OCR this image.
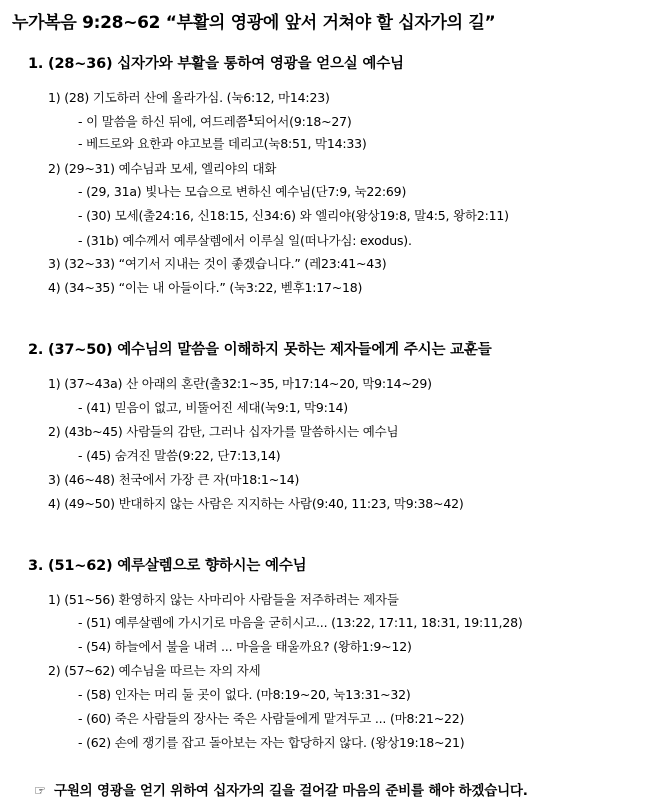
누가복음 9:28~62 “부활의 영광에 앞서 거쳐야 할 십자가의 길”
1. (28~36) 십자가와 부활을 통하여 영광을 얻으실 예수님
1) (28) 기도하러 산에 올라가심. (눅6:12, 마14:23)
- 이 말씀을 하신 뒤에, 여드레쯤$^1$되어서(9:18~27)
- 베드로와 요한과 야고보를 데리고(눅8:51, 막14:33)
2) (29~31) 예수님과 모세, 엘리야의 대화
- (29, 31a) 빛나는 모습으로 변하신 예수님(단7:9, 눅22:69)
- (30) 모세(출24:16, 신18:15, 신34:6) 와 엘리야(왕상19:8, 말4:5, 왕하2:11)
- (31b) 예수께서 예루살렘에서 이루실 일(떠나가심: exodus).
3) (32~33) “여기서 지내는 것이 좋겠습니다.” (레23:41~43)
4) (34~35) “이는 내 아들이다.” (눅3:22, 벧후1:17~18)
2. (37~50) 예수님의 말씀을 이해하지 못하는 제자들에게 주시는 교훈들
1) (37~43a) 산 아래의 혼란(출32:1~35, 마17:14~20, 막9:14~29)
- (41) 믿음이 없고, 비뚤어진 세대(눅9:1, 막9:14)
2) (43b~45) 사람들의 감탄, 그러나 십자가를 말씀하시는 예수님
- (45) 숨겨진 말씀(9:22, 단7:13,14)
3) (46~48) 천국에서 가장 큰 자(마18:1~14)
4) (49~50) 반대하지 않는 사람은 지지하는 사람(9:40, 11:23, 막9:38~42)
3. (51~62) 예루살렘으로 향하시는 예수님
1) (51~56) 환영하지 않는 사마리아 사람들을 저주하려는 제자들
- (51) 예루살렘에 가시기로 마음을 굳히시고... (13:22, 17:11, 18:31, 19:11,28)
- (54) 하늘에서 불을 내려 ... 마을을 태울까요? (왕하1:9~12)
2) (57~62) 예수님을 따르는 자의 자세
- (58) 인자는 머리 둘 곳이 없다. (마8:19~20, 눅13:31~32)
- (60) 죽은 사람들의 장사는 죽은 사람들에게 맡겨두고 ... (마8:21~22)
- (62) 손에 쟁기를 잡고 돌아보는 자는 합당하지 않다. (왕상19:18~21)
☞ 구원의 영광을 얻기 위하여 십자가의 길을 걸어갈 마음의 준비를 해야 하겠습니다.
